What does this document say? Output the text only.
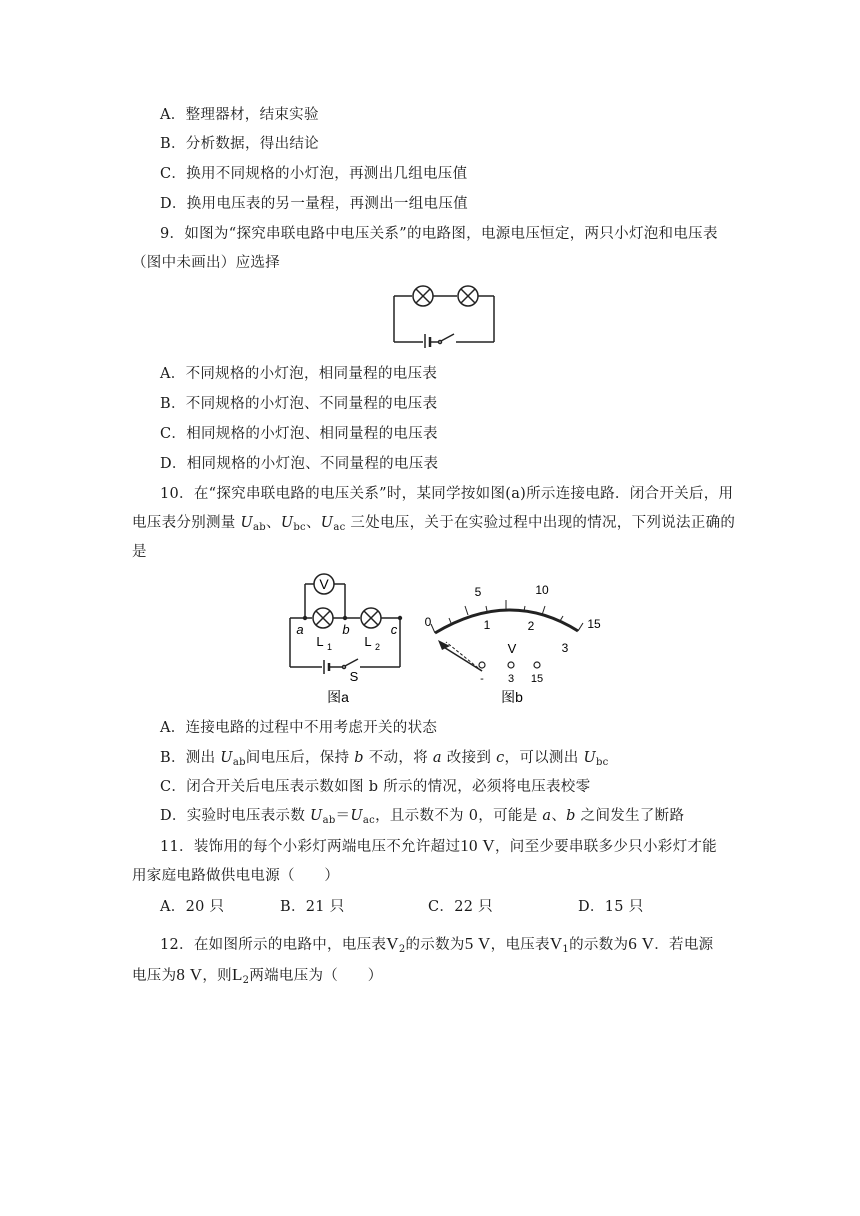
A．整理器材，结束实验
B．分析数据，得出结论
C．换用不同规格的小灯泡，再测出几组电压值
D．换用电压表的另一量程，再测出一组电压值
9．如图为“探究串联电路中电压关系”的电路图，电源电压恒定，两只小灯泡和电压表
（图中未画出）应选择
A．不同规格的小灯泡，相同量程的电压表
B．不同规格的小灯泡、不同量程的电压表
C．相同规格的小灯泡、相同量程的电压表
D．相同规格的小灯泡、不同量程的电压表
10．在“探究串联电路的电压关系”时，某同学按如图(a)所示连接电路．闭合开关后，用
电压表分别测量 $U_{ab}$、$U_{bc}$、$U_{ac}$ 三处电压，关于在实验过程中出现的情况，下列说法正确的
是
V
a	b	c
L 1 L 2
S
图a
0
5	10
15
1	2
3
V
- 3 15
图b
A．连接电路的过程中不用考虑开关的状态
B．测出 $U_{ab}$间电压后，保持 b 不动，将 a 改接到 c，可以测出 $U_{bc}$
C．闭合开关后电压表示数如图 b 所示的情况，必须将电压表校零
D．实验时电压表示数 $U_{ab}=U_{ac}$，且示数不为 0，可能是 a、b 之间发生了断路
11．装饰用的每个小彩灯两端电压不允许超过10 V，问至少要串联多少只小彩灯才能
用家庭电路做供电电源（　　）
A．20 只	B．21 只	C．22 只	D．15 只
12．在如图所示的电路中，电压表$V_2$的示数为5 V，电压表$V_1$的示数为6 V．若电源
电压为8 V，则$L_2$两端电压为（　　）
